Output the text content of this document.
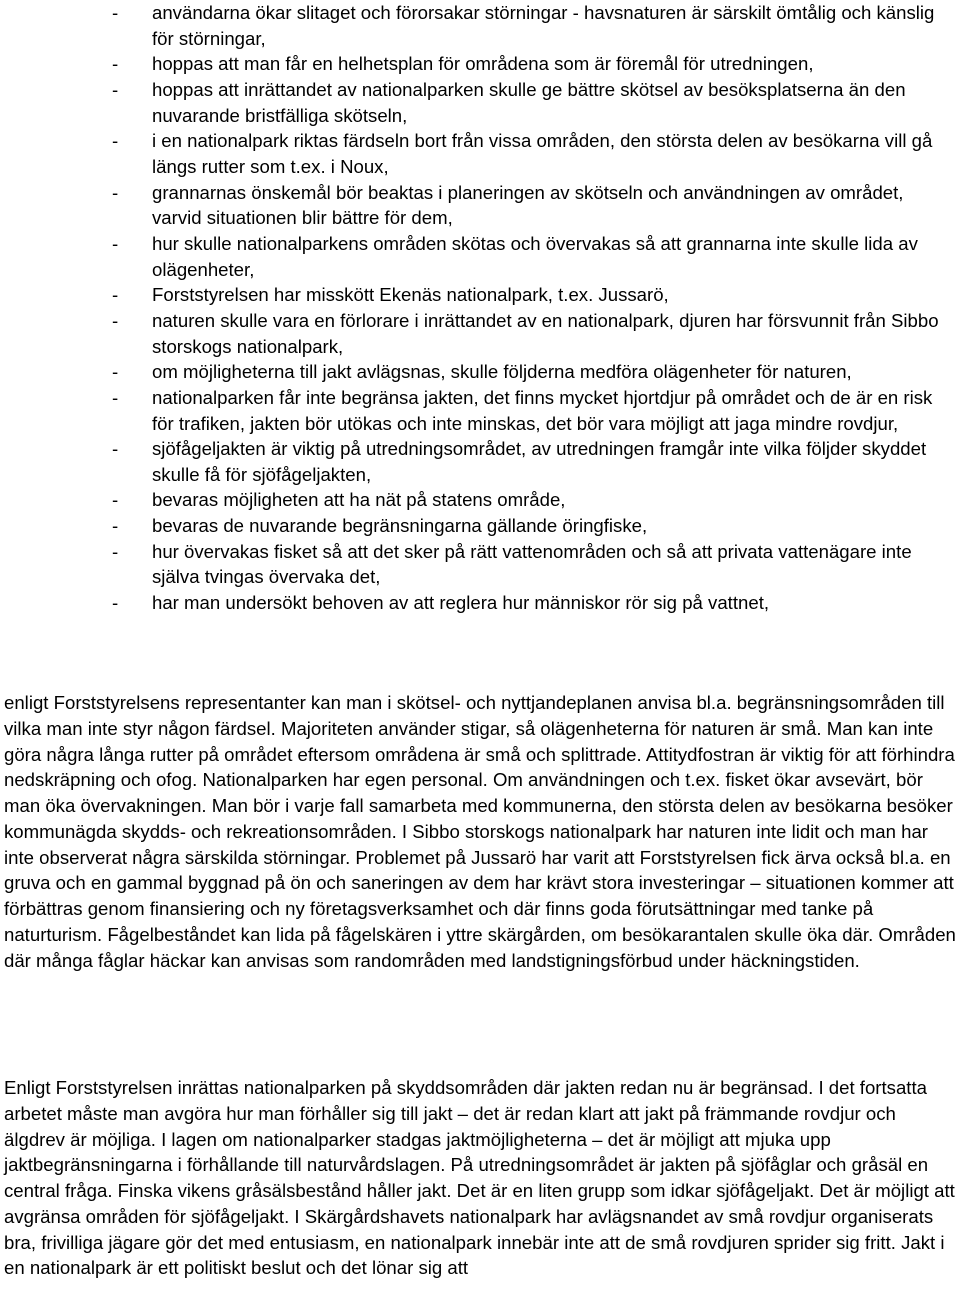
- användarna ökar slitaget och förorsakar störningar - havsnaturen är särskilt ömtålig och känslig för störningar,
- hoppas att man får en helhetsplan för områdena som är föremål för utredningen,
- hoppas att inrättandet av nationalparken skulle ge bättre skötsel av besöksplatserna än den nuvarande bristfälliga skötseln,
- i en nationalpark riktas färdseln bort från vissa områden, den största delen av besökarna vill gå längs rutter som t.ex. i Noux,
- grannarnas önskemål bör beaktas i planeringen av skötseln och användningen av området, varvid situationen blir bättre för dem,
- hur skulle nationalparkens områden skötas och övervakas så att grannarna inte skulle lida av olägenheter,
- Forststyrelsen har misskött Ekenäs nationalpark, t.ex. Jussarö,
- naturen skulle vara en förlorare i inrättandet av en nationalpark, djuren har försvunnit från Sibbo storskogs nationalpark,
- om möjligheterna till jakt avlägsnas, skulle följderna medföra olägenheter för naturen,
- nationalparken får inte begränsa jakten, det finns mycket hjortdjur på området och de är en risk för trafiken, jakten bör utökas och inte minskas, det bör vara möjligt att jaga mindre rovdjur,
- sjöfågeljakten är viktig på utredningsområdet, av utredningen framgår inte vilka följder skyddet skulle få för sjöfågeljakten,
- bevaras möjligheten att ha nät på statens område,
- bevaras de nuvarande begränsningarna gällande öringfiske,
- hur övervakas fisket så att det sker på rätt vattenområden och så att privata vattenägare inte själva tvingas övervaka det,
- har man undersökt behoven av att reglera hur människor rör sig på vattnet,

enligt Forststyrelsens representanter kan man i skötsel- och nyttjandeplanen anvisa bl.a. begränsningsområden till vilka man inte styr någon färdsel. Majoriteten använder stigar, så olägenheterna för naturen är små. Man kan inte göra några långa rutter på området eftersom områdena är små och splittrade. Attitydfostran är viktig för att förhindra nedskräpning och ofog. Nationalparken har egen personal. Om användningen och t.ex. fisket ökar avsevärt, bör man öka övervakningen. Man bör i varje fall samarbeta med kommunerna, den största delen av besökarna besöker kommunägda skydds- och rekreationsområden. I Sibbo storskogs nationalpark har naturen inte lidit och man har inte observerat några särskilda störningar. Problemet på Jussarö har varit att Forststyrelsen fick ärva också bl.a. en gruva och en gammal byggnad på ön och saneringen av dem har krävt stora investeringar – situationen kommer att förbättras genom finansiering och ny företagsverksamhet och där finns goda förutsättningar med tanke på naturturism. Fågelbeståndet kan lida på fågelskären i yttre skärgården, om besökarantalen skulle öka där. Områden där många fåglar häckar kan anvisas som randområden med landstigningsförbud under häckningstiden.

Enligt Forststyrelsen inrättas nationalparken på skyddsområden där jakten redan nu är begränsad. I det fortsatta arbetet måste man avgöra hur man förhåller sig till jakt – det är redan klart att jakt på främmande rovdjur och älgdrev är möjliga. I lagen om nationalparker stadgas jaktmöjligheterna – det är möjligt att mjuka upp jaktbegränsningarna i förhållande till naturvårdslagen. På utredningsområdet är jakten på sjöfåglar och gråsäl en central fråga. Finska vikens gråsälsbestånd håller jakt. Det är en liten grupp som idkar sjöfågeljakt. Det är möjligt att avgränsa områden för sjöfågeljakt. I Skärgårdshavets nationalpark har avlägsnandet av små rovdjur organiserats bra, frivilliga jägare gör det med entusiasm, en nationalpark innebär inte att de små rovdjuren sprider sig fritt. Jakt i en nationalpark är ett politiskt beslut och det lönar sig att
